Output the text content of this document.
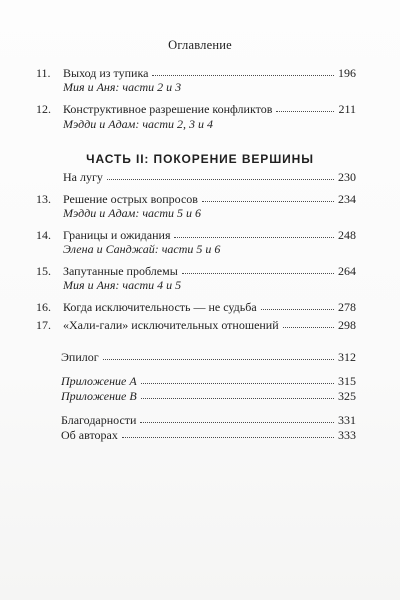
Оглавление
11. Выход из тупика	196
Мия и Аня: части 2 и 3
12. Конструктивное разрешение конфликтов	211
Мэдди и Адам: части 2, 3 и 4
ЧАСТЬ II: ПОКОРЕНИЕ ВЕРШИНЫ
На лугу	230
13. Решение острых вопросов	234
Мэдди и Адам: части 5 и 6
14. Границы и ожидания	248
Элена и Санджай: части 5 и 6
15. Запутанные проблемы	264
Мия и Аня: части 4 и 5
16. Когда исключительность — не судьба	278
17. «Хали-гали» исключительных отношений	298
Эпилог	312
Приложение А	315
Приложение В	325
Благодарности	331
Об авторах	333
